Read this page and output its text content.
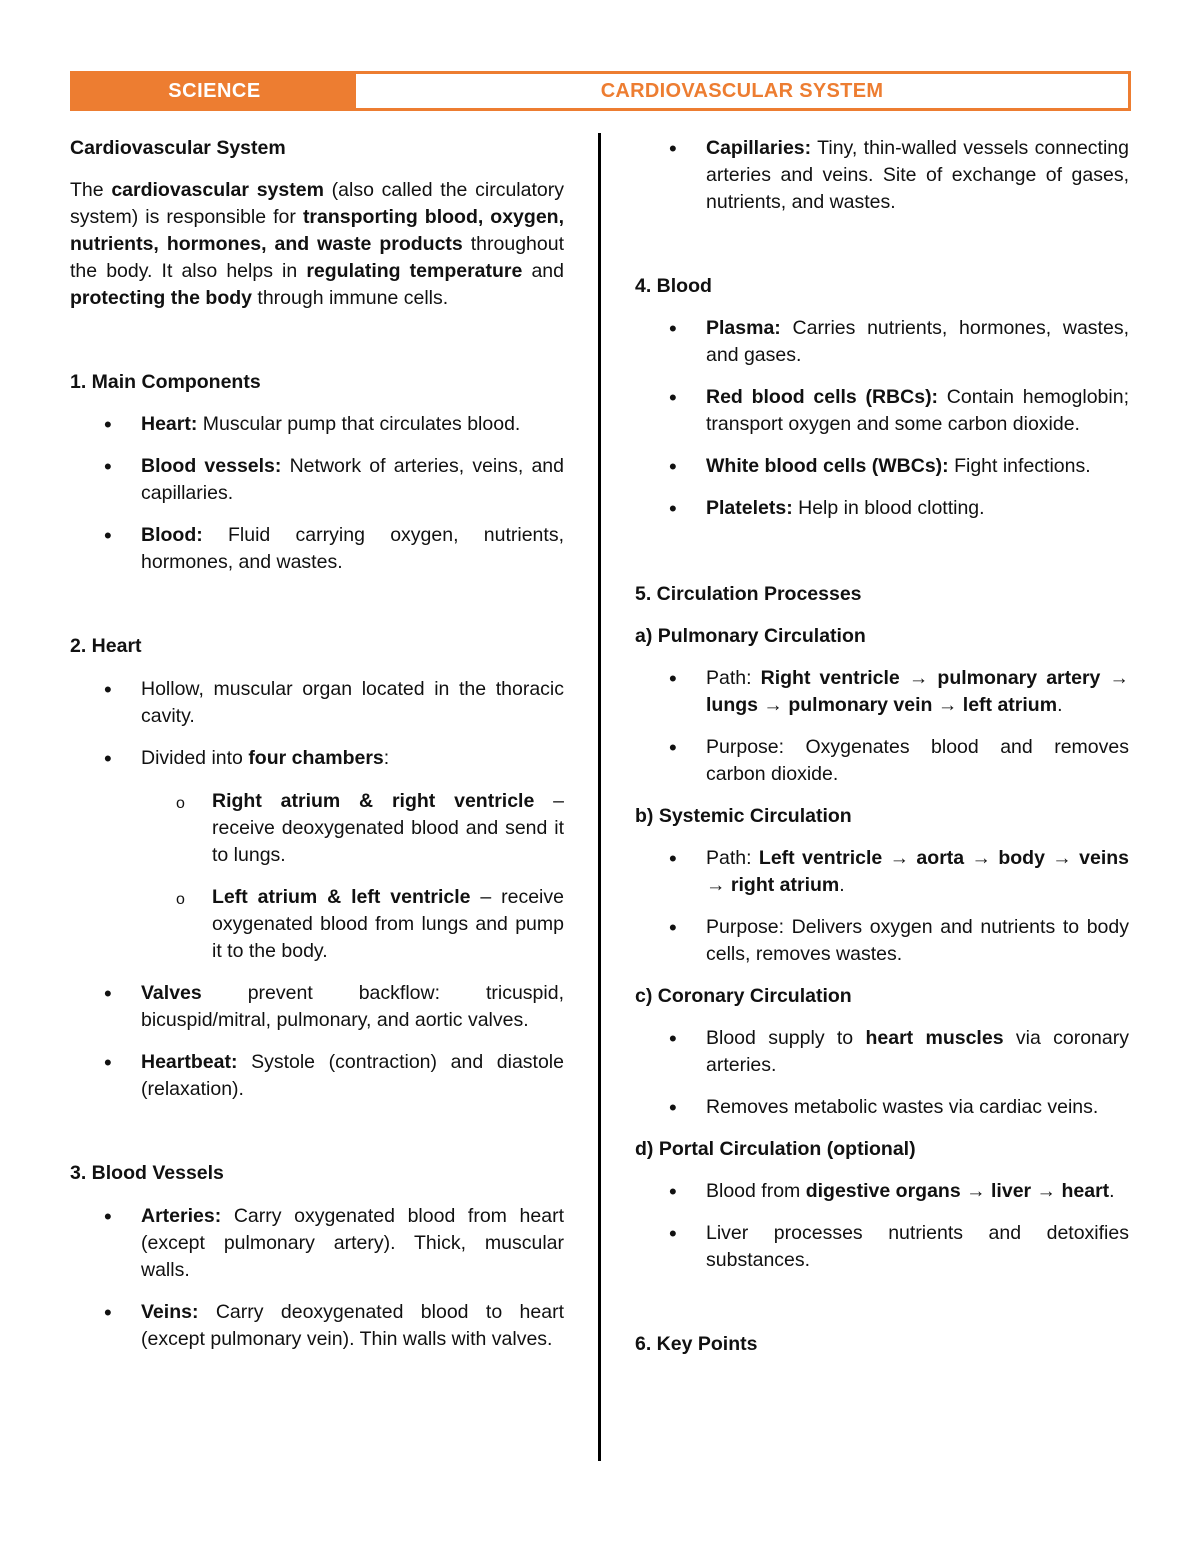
SCIENCE	CARDIOVASCULAR SYSTEM
Cardiovascular System

The cardiovascular system (also called the circulatory system) is responsible for transporting blood, oxygen, nutrients, hormones, and waste products throughout the body. It also helps in regulating temperature and protecting the body through immune cells.

1. Main Components
• Heart: Muscular pump that circulates blood.
• Blood vessels: Network of arteries, veins, and capillaries.
• Blood: Fluid carrying oxygen, nutrients, hormones, and wastes.
2. Heart
• Hollow, muscular organ located in the thoracic cavity.
• Divided into four chambers:
o Right atrium & right ventricle – receive deoxygenated blood and send it to lungs.
o Left atrium & left ventricle – receive oxygenated blood from lungs and pump it to the body.
• Valves prevent backflow: tricuspid, bicuspid/mitral, pulmonary, and aortic valves.
• Heartbeat: Systole (contraction) and diastole (relaxation).
3. Blood Vessels
• Arteries: Carry oxygenated blood from heart (except pulmonary artery). Thick, muscular walls.
• Veins: Carry deoxygenated blood to heart (except pulmonary vein). Thin walls with valves.
• Capillaries: Tiny, thin-walled vessels connecting arteries and veins. Site of exchange of gases, nutrients, and wastes.
4. Blood
• Plasma: Carries nutrients, hormones, wastes, and gases.
• Red blood cells (RBCs): Contain hemoglobin; transport oxygen and some carbon dioxide.
• White blood cells (WBCs): Fight infections.
• Platelets: Help in blood clotting.
5. Circulation Processes
a) Pulmonary Circulation
• Path: Right ventricle → pulmonary artery → lungs → pulmonary vein → left atrium.
• Purpose: Oxygenates blood and removes carbon dioxide.
b) Systemic Circulation
• Path: Left ventricle → aorta → body → veins → right atrium.
• Purpose: Delivers oxygen and nutrients to body cells, removes wastes.
c) Coronary Circulation
• Blood supply to heart muscles via coronary arteries.
• Removes metabolic wastes via cardiac veins.
d) Portal Circulation (optional)
• Blood from digestive organs → liver → heart.
• Liver processes nutrients and detoxifies substances.
6. Key Points
